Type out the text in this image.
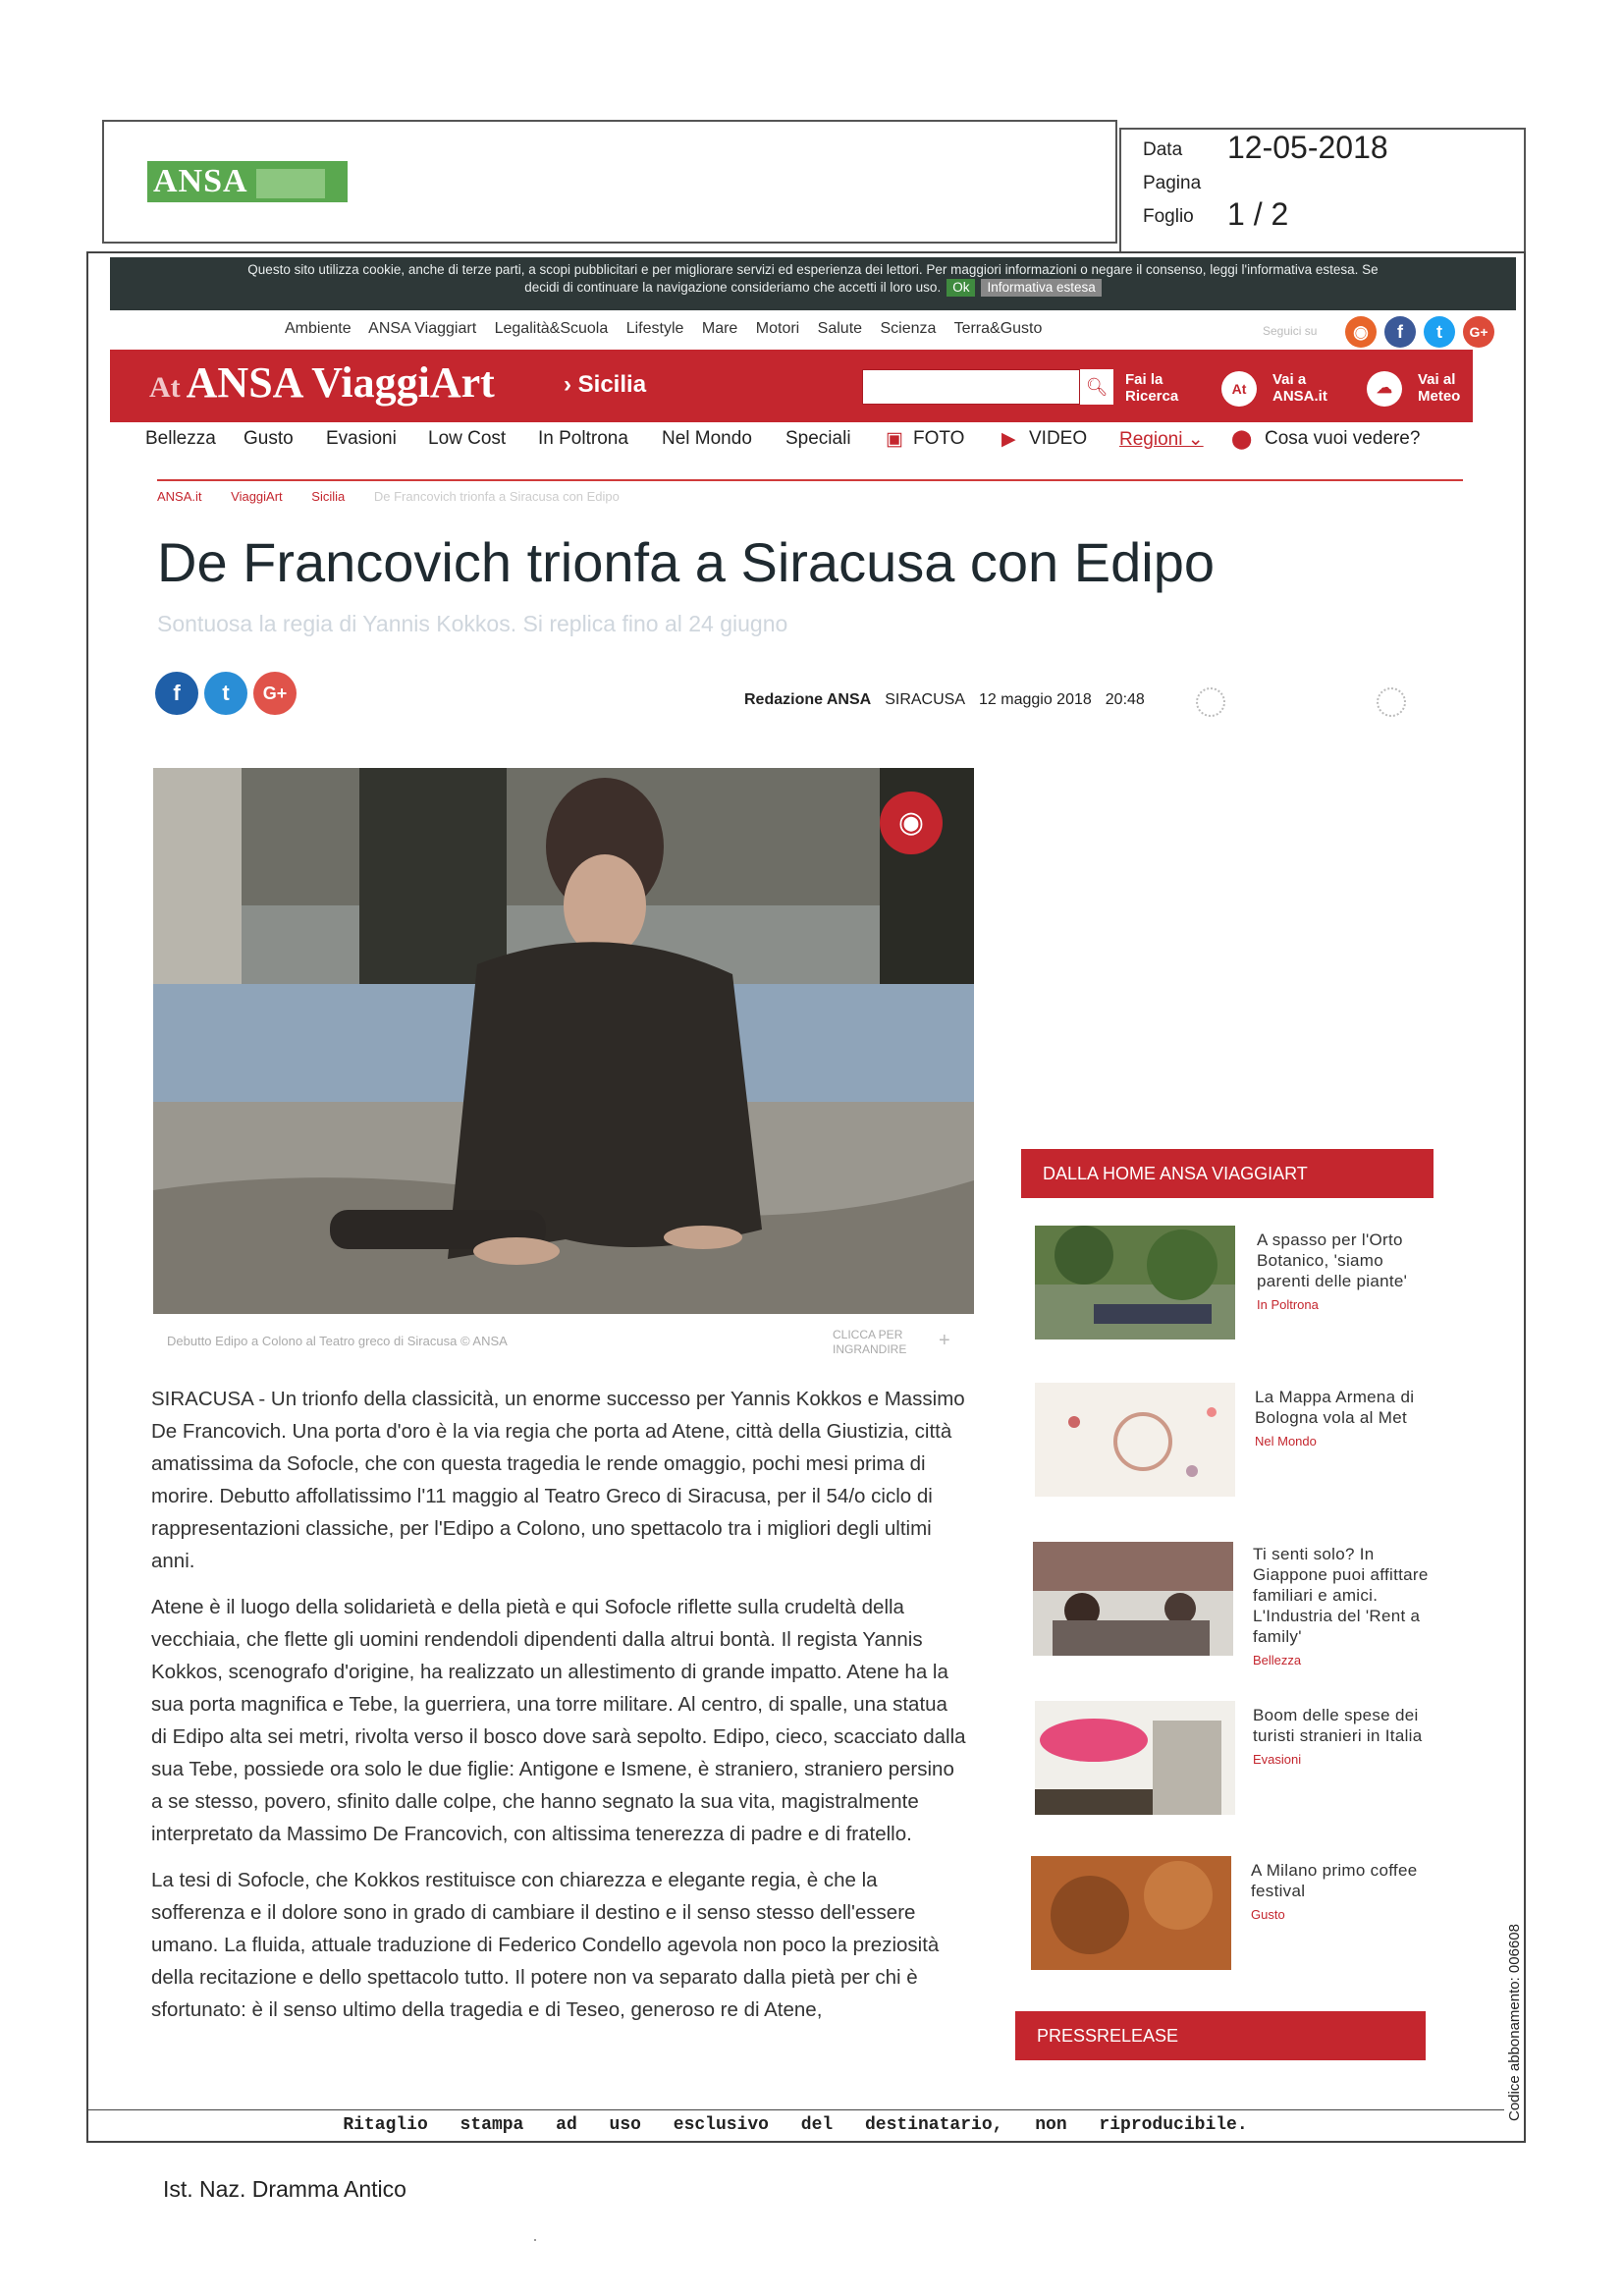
ANSA
Data 12-05-2018
Pagina
Foglio 1 / 2
Questo sito utilizza cookie, anche di terze parti, a scopi pubblicitari e per migliorare servizi ed esperienza dei lettori. Per maggiori informazioni o negare il consenso, leggi l'informativa estesa. Se
decidi di continuare la navigazione consideriamo che accetti il loro uso. Ok Informativa estesa
Ambiente ANSA Viaggiart Legalità&Scuola Lifestyle Mare Motori Salute Scienza Terra&Gusto	Seguici su	◉	f	t	G+
At ANSA ViaggiArt	› Sicilia	🔍︎	Fai la Ricerca	At
Vai a ANSA.it	☁
Vai al Meteo
Bellezza Gusto Evasioni Low Cost In Poltrona Nel Mondo Speciali ▣ FOTO ▶︎ VIDEO Regioni ⌄ ⬤ Cosa vuoi vedere?
ANSA.it ViaggiArt Sicilia De Francovich trionfa a Siracusa con Edipo
De Francovich trionfa a Siracusa con Edipo
Sontuosa la regia di Yannis Kokkos. Si replica fino al 24 giugno
f	t	G+	Redazione ANSA SIRACUSA 12 maggio 2018 20:48
◉
Debutto Edipo a Colono al Teatro greco di Siracusa © ANSA	CLICCA PER INGRANDIRE	+

SIRACUSA - Un trionfo della classicità, un enorme successo per Yannis Kokkos e Massimo De Francovich. Una porta d'oro è la via regia che porta ad Atene, città della Giustizia, città amatissima da Sofocle, che con questa tragedia le rende omaggio, pochi mesi prima di morire. Debutto affollatissimo l'11 maggio al Teatro Greco di Siracusa, per il 54/o ciclo di rappresentazioni classiche, per l'Edipo a Colono, uno spettacolo tra i migliori degli ultimi anni.

Atene è il luogo della solidarietà e della pietà e qui Sofocle riflette sulla crudeltà della vecchiaia, che flette gli uomini rendendoli dipendenti dalla altrui bontà. Il regista Yannis Kokkos, scenografo d'origine, ha realizzato un allestimento di grande impatto. Atene ha la sua porta magnifica e Tebe, la guerriera, una torre militare. Al centro, di spalle, una statua di Edipo alta sei metri, rivolta verso il bosco dove sarà sepolto. Edipo, cieco, scacciato dalla sua Tebe, possiede ora solo le due figlie: Antigone e Ismene, è straniero, straniero persino a se stesso, povero, sfinito dalle colpe, che hanno segnato la sua vita, magistralmente interpretato da Massimo De Francovich, con altissima tenerezza di padre e di fratello.

La tesi di Sofocle, che Kokkos restituisce con chiarezza e elegante regia, è che la sofferenza e il dolore sono in grado di cambiare il destino e il senso stesso dell'essere umano. La fluida, attuale traduzione di Federico Condello agevola non poco la preziosità della recitazione e dello spettacolo tutto. Il potere non va separato dalla pietà per chi è sfortunato: è il senso ultimo della tragedia e di Teseo, generoso re di Atene,

DALLA HOME ANSA VIAGGIART
A spasso per l'Orto Botanico, 'siamo parenti delle piante'
In Poltrona
La Mappa Armena di Bologna vola al Met
Nel Mondo
Ti senti solo? In Giappone puoi affittare familiari e amici. L'Industria del 'Rent a family'
Bellezza
Boom delle spese dei turisti stranieri in Italia
Evasioni
A Milano primo coffee festival
Gusto
PRESSRELEASE
Ritaglio stampa ad uso esclusivo del destinatario, non riproducibile.
Codice abbonamento: 006608
Ist. Naz. Dramma Antico
